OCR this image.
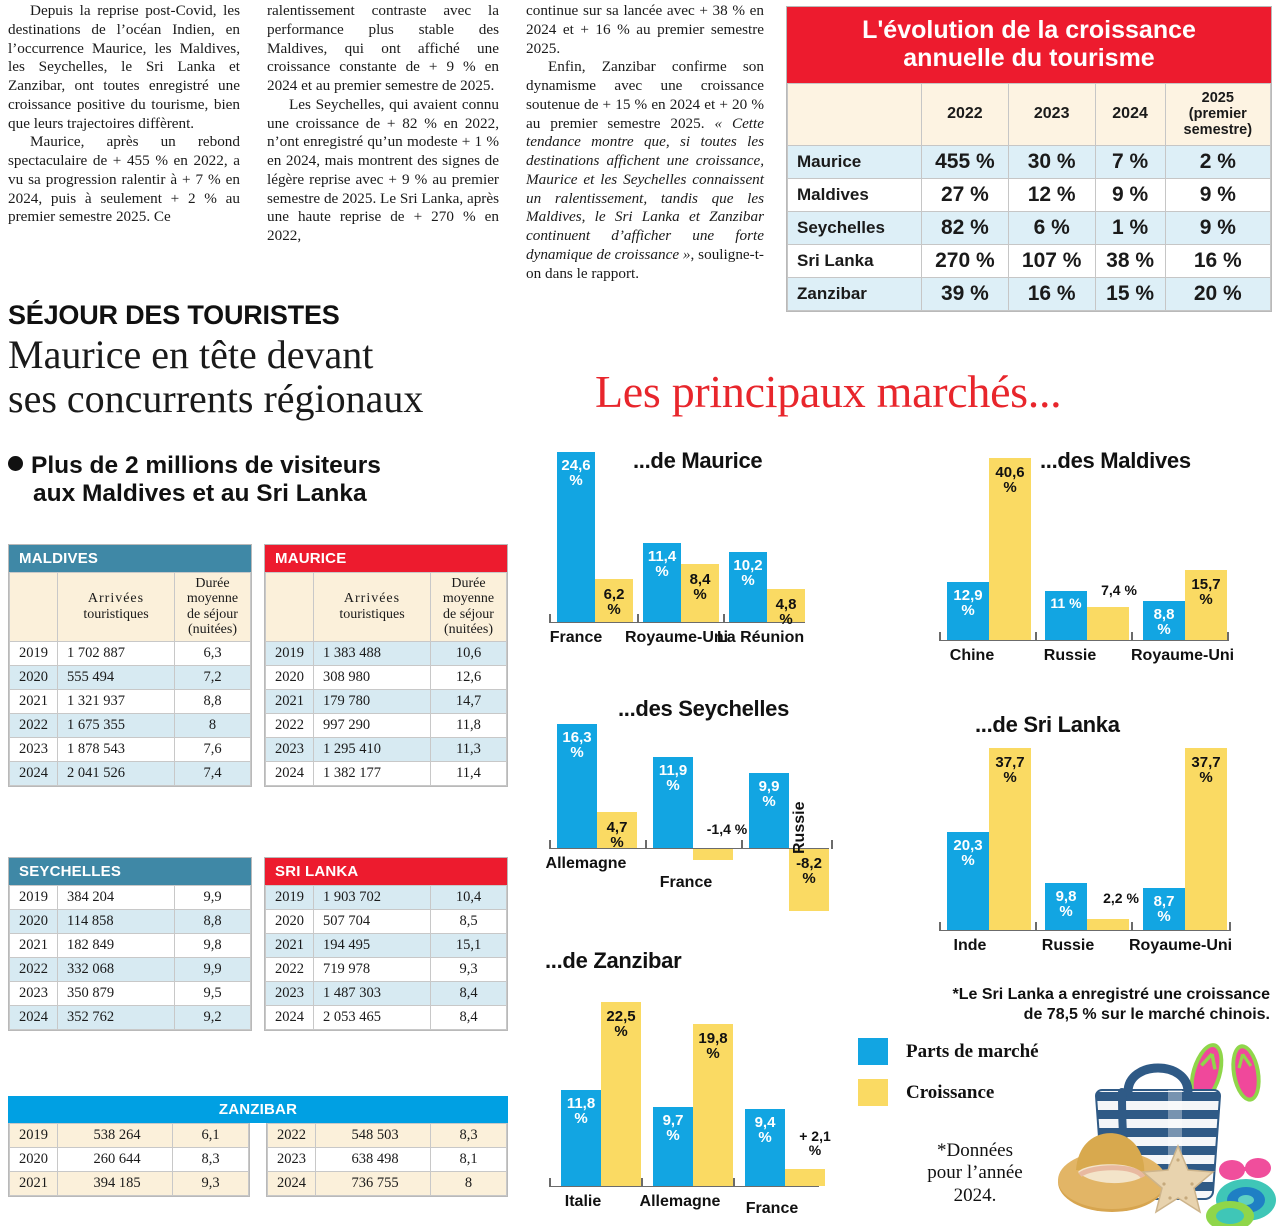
Depuis la reprise post-Covid, les destinations de l’océan Indien, en l’occurrence Maurice, les Maldives, les Seychelles, le Sri Lanka et Zanzibar, ont toutes enregistré une croissance positive du tourisme, bien que leurs trajectoires diffèrent.

Maurice, après un rebond spectaculaire de + 455 % en 2022, a vu sa progression ralentir à + 7 % en 2024, puis à seulement + 2 % au premier semestre 2025. Ce

ralentissement contraste avec la performance plus stable des Maldives, qui ont affiché une croissance constante de + 9 % en 2024 et au premier semestre de 2025.

Les Seychelles, qui avaient connu une croissance de + 82 % en 2022, n’ont enregistré qu’un modeste + 1 % en 2024, mais montrent des signes de légère reprise avec + 9 % au premier semestre de 2025. Le Sri Lanka, après une haute reprise de + 270 % en 2022,

continue sur sa lancée avec + 38 % en 2024 et + 16 % au premier semestre 2025.

Enfin, Zanzibar confirme son dynamisme avec une croissance soutenue de + 15 % en 2024 et + 20 % au premier semestre 2025. « Cette tendance montre que, si toutes les destinations affichent une croissance, Maurice et les Seychelles connaissent un ralentissement, tandis que les Maldives, le Sri Lanka et Zanzibar continuent d’afficher une forte dynamique de croissance », souligne-t-on dans le rapport.

SÉJOUR DES TOURISTES
Maurice en tête devant
ses concurrents régionaux
Plus de 2 millions de visiteurs
aux Maldives et au Sri Lanka
L'évolution de la croissance
annuelle du tourisme
	2022	2023	2024	2025
(premier
semestre)

Maurice	455 %	30 %	7 %	2 %
Maldives	27 %	12 %	9 %	9 %
Seychelles	82 %	6 %	1 %	9 %
Sri Lanka	270 %	107 %	38 %	16 %
Zanzibar	39 %	16 %	15 %	20 %
MALDIVES

Arrivées
touristiques

Durée
moyenne
de séjour
(nuitées)

2019	1 702 887	6,3
2020	555 494	7,2
2021	1 321 937	8,8
2022	1 675 355	8
2023	1 878 543	7,6
2024	2 041 526	7,4
MAURICE

Arrivées
touristiques

Durée
moyenne
de séjour
(nuitées)

2019	1 383 488	10,6
2020	308 980	12,6
2021	179 780	14,7
2022	997 290	11,8
2023	1 295 410	11,3
2024	1 382 177	11,4
SEYCHELLES
2019	384 204	9,9
2020	114 858	8,8
2021	182 849	9,8
2022	332 068	9,9
2023	350 879	9,5
2024	352 762	9,2
SRI LANKA
2019	1 903 702	10,4
2020	507 704	8,5
2021	194 495	15,1
2022	719 978	9,3
2023	1 487 303	8,4
2024	2 053 465	8,4
ZANZIBAR
2019	538 264	6,1
2020	260 644	8,3
2021	394 185	9,3
2022	548 503	8,3
2023	638 498	8,1
2024	736 755	8
Les principaux marchés...
...de Maurice
24,6
%
6,2
%
France
11,4
%	8,4
%
Royaume-Uni
10,2
%
4,8
%
La Réunion
...des Maldives
12,9
%
40,6
%
Chine
11 %
7,4 %
Russie
8,8
%
15,7
%
Royaume-Uni
...des Seychelles
16,3
%
4,7
%
Allemagne
11,9
%
-1,4 %
France
9,9
%
-8,2
%
Russie
...de Sri Lanka
20,3
%
37,7
%
Inde
9,8
%
2,2 %
Russie
8,7
%
37,7
%
Royaume-Uni
...de Zanzibar
11,8
%
22,5
%
Italie
9,7
%
19,8
%
Allemagne
9,4
%	+ 2,1
%
France
*Le Sri Lanka a enregistré une croissance
de 78,5 % sur le marché chinois.
Parts de marché
Croissance
*Données
pour l’année
2024.
